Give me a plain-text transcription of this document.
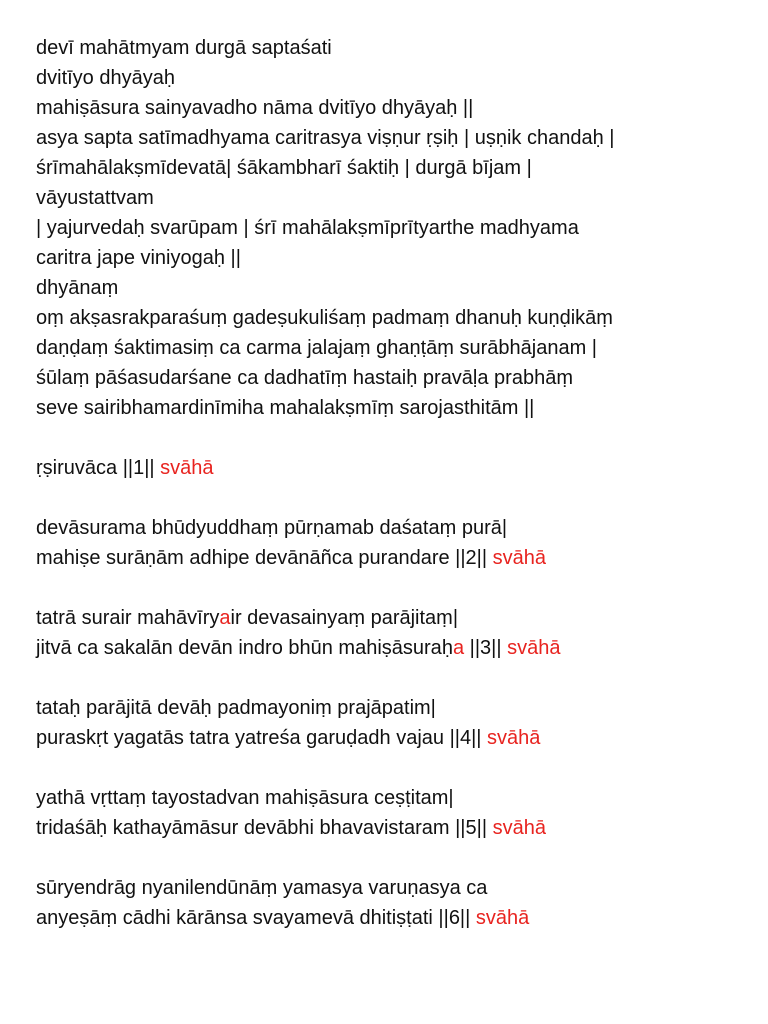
devī mahātmyam durgā saptaśati
dvitīyo dhyāyaḥ
mahiṣāsura sainyavadho nāma dvitīyo dhyāyaḥ ||
asya sapta satīmadhyama caritrasya viṣṇur ṛṣiḥ | uṣṇik chandaḥ |
śrīmahālakṣmīdevatā| śākambharī śaktiḥ | durgā bījam |
vāyustattvam
| yajurvedaḥ svarūpam | śrī mahālakṣmīprītyarthe madhyama
caritra jape viniyogaḥ ||
dhyānaṃ
oṃ akṣasrakparaśuṃ gadeṣukuliśaṃ padmaṃ dhanuḥ kuṇḍikāṃ
daṇḍaṃ śaktimasiṃ ca carma jalajaṃ ghaṇṭāṃ surābhājanam |
śūlaṃ pāśasudarśane ca dadhatīṃ hastaiḥ pravāḷa prabhāṃ
seve sairibhamardinīmiha mahalakṣmīṃ sarojasthitām ||
ṛṣiruvāca ||1|| svāhā
devāsurama bhūdyuddhaṃ pūrṇamab daśataṃ purā|
mahiṣe surāṇām adhipe devānāñca purandare ||2|| svāhā
tatrā surair mahāvīryair devasainyaṃ parājitaṃ|
jitvā ca sakalān devān indro bhūn mahiṣāsuraḥa ||3|| svāhā
tataḥ parājitā devāḥ padmayoniṃ prajāpatim|
puraskṛt yagatās tatra yatreśa garuḍadh vajau ||4|| svāhā
yathā vṛttaṃ tayostadvan mahiṣāsura ceṣṭitam|
tridaśāḥ kathayāmāsur devābhi bhavavistaram ||5|| svāhā
sūryendrāg nyanilendūnāṃ yamasya varuṇasya ca
anyeṣāṃ cādhi kārānsa svayamevā dhitiṣṭati ||6|| svāhā
